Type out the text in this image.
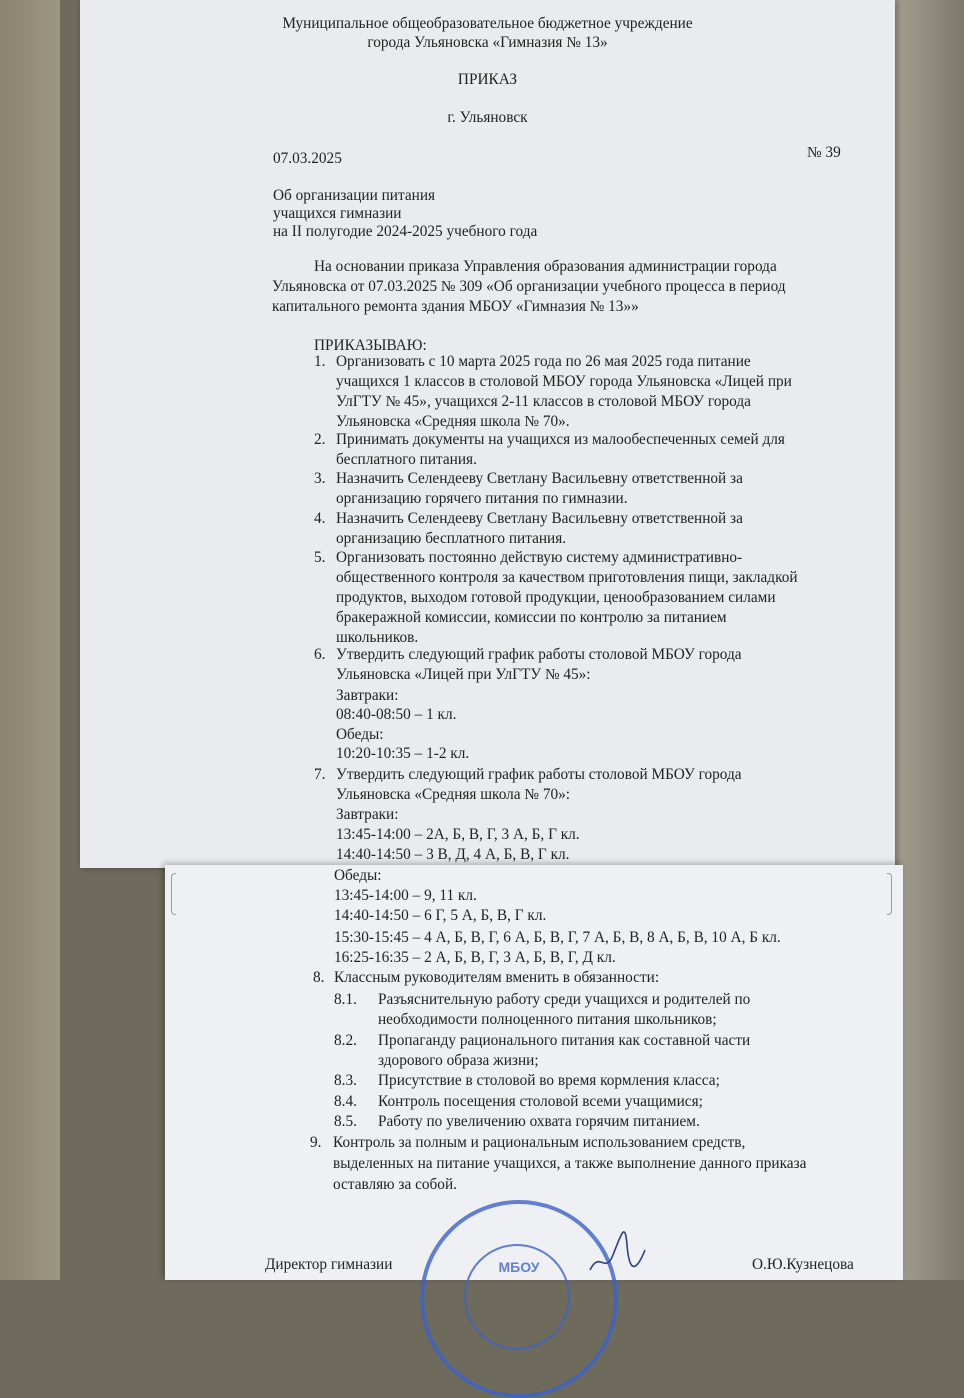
Муниципальное общеобразовательное бюджетное учреждение
города Ульяновска «Гимназия № 13»
ПРИКАЗ
г. Ульяновск
07.03.2025	№ 39
Об организации питания
учащихся гимназии
на II полугодие 2024-2025 учебного года
На основании приказа Управления образования администрации города
Ульяновска от 07.03.2025 № 309 «Об организации учебного процесса в период
капитального ремонта здания МБОУ «Гимназия № 13»»
ПРИКАЗЫВАЮ:
1. Организовать с 10 марта 2025 года по 26 мая 2025 года питание
учащихся 1 классов в столовой МБОУ города Ульяновска «Лицей при
УлГТУ № 45», учащихся 2-11 классов в столовой МБОУ города
Ульяновска «Средняя школа № 70».
2. Принимать документы на учащихся из малообеспеченных семей для
бесплатного питания.
3. Назначить Селендееву Светлану Васильевну ответственной за
организацию горячего питания по гимназии.
4. Назначить Селендееву Светлану Васильевну ответственной за
организацию бесплатного питания.
5. Организовать постоянно действую систему административно-
общественного контроля за качеством приготовления пищи, закладкой
продуктов, выходом готовой продукции, ценообразованием силами
бракеражной комиссии, комиссии по контролю за питанием
школьников.
6. Утвердить следующий график работы столовой МБОУ города
Ульяновска «Лицей при УлГТУ № 45»:
Завтраки:
08:40-08:50 – 1 кл.
Обеды:
10:20-10:35 – 1-2 кл.
7. Утвердить следующий график работы столовой МБОУ города
Ульяновска «Средняя школа № 70»:
Завтраки:
13:45-14:00 – 2А, Б, В, Г, 3 А, Б, Г кл.
14:40-14:50 – 3 В, Д, 4 А, Б, В, Г кл.
Обеды:
13:45-14:00 – 9, 11 кл.
14:40-14:50 – 6 Г, 5 А, Б, В, Г кл.
15:30-15:45 – 4 А, Б, В, Г, 6 А, Б, В, Г, 7 А, Б, В, 8 А, Б, В, 10 А, Б кл.
16:25-16:35 – 2 А, Б, В, Г, 3 А, Б, В, Г, Д кл.
8. Классным руководителям вменить в обязанности:
8.1. Разъяснительную работу среди учащихся и родителей по
необходимости полноценного питания школьников;
8.2. Пропаганду рационального питания как составной части
здорового образа жизни;
8.3. Присутствие в столовой во время кормления класса;
8.4. Контроль посещения столовой всеми учащимися;
8.5. Работу по увеличению охвата горячим питанием.
9. Контроль за полным и рациональным использованием средств,
выделенных на питание учащихся, а также выполнение данного приказа
оставляю за собой.
МБОУ
Директор гимназии	О.Ю.Кузнецова
